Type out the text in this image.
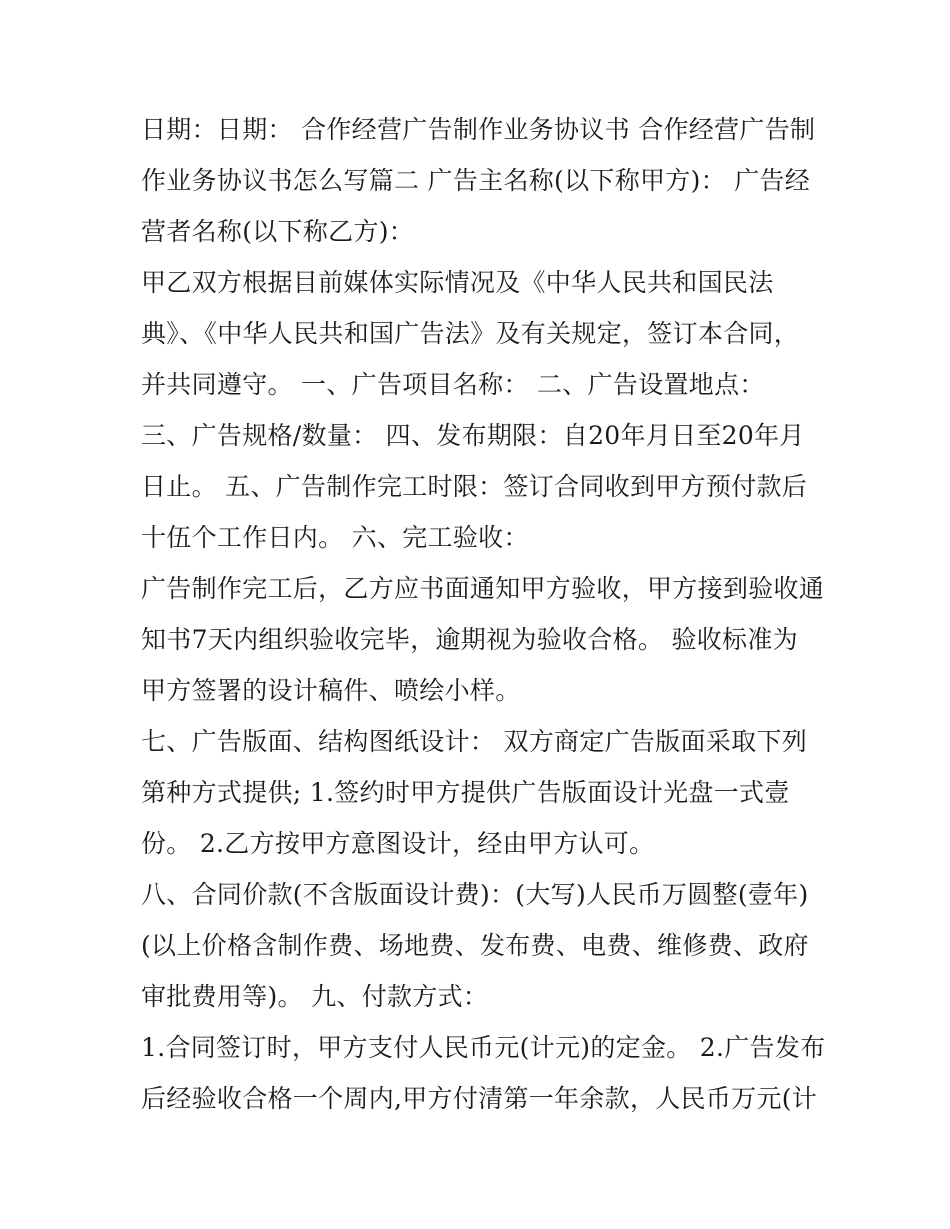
日期：日期： 合作经营广告制作业务协议书 合作经营广告制
作业务协议书怎么写篇二 广告主名称(以下称甲方)： 广告经
营者名称(以下称乙方)：
甲乙双方根据目前媒体实际情况及《中华人民共和国民法
典》、《中华人民共和国广告法》及有关规定，签订本合同，
并共同遵守。 一、广告项目名称： 二、广告设置地点：
三、广告规格/数量： 四、发布期限：自20年月日至20年月
日止。 五、广告制作完工时限：签订合同收到甲方预付款后
十伍个工作日内。 六、完工验收：
广告制作完工后，乙方应书面通知甲方验收，甲方接到验收通
知书7天内组织验收完毕，逾期视为验收合格。 验收标准为
甲方签署的设计稿件、喷绘小样。
七、广告版面、结构图纸设计： 双方商定广告版面采取下列
第种方式提供; 1.签约时甲方提供广告版面设计光盘一式壹
份。 2.乙方按甲方意图设计，经由甲方认可。
八、合同价款(不含版面设计费)：(大写)人民币万圆整(壹年)
(以上价格含制作费、场地费、发布费、电费、维修费、政府
审批费用等)。 九、付款方式：
1.合同签订时，甲方支付人民币元(计元)的定金。 2.广告发布
后经验收合格一个周内,甲方付清第一年余款，人民币万元(计
